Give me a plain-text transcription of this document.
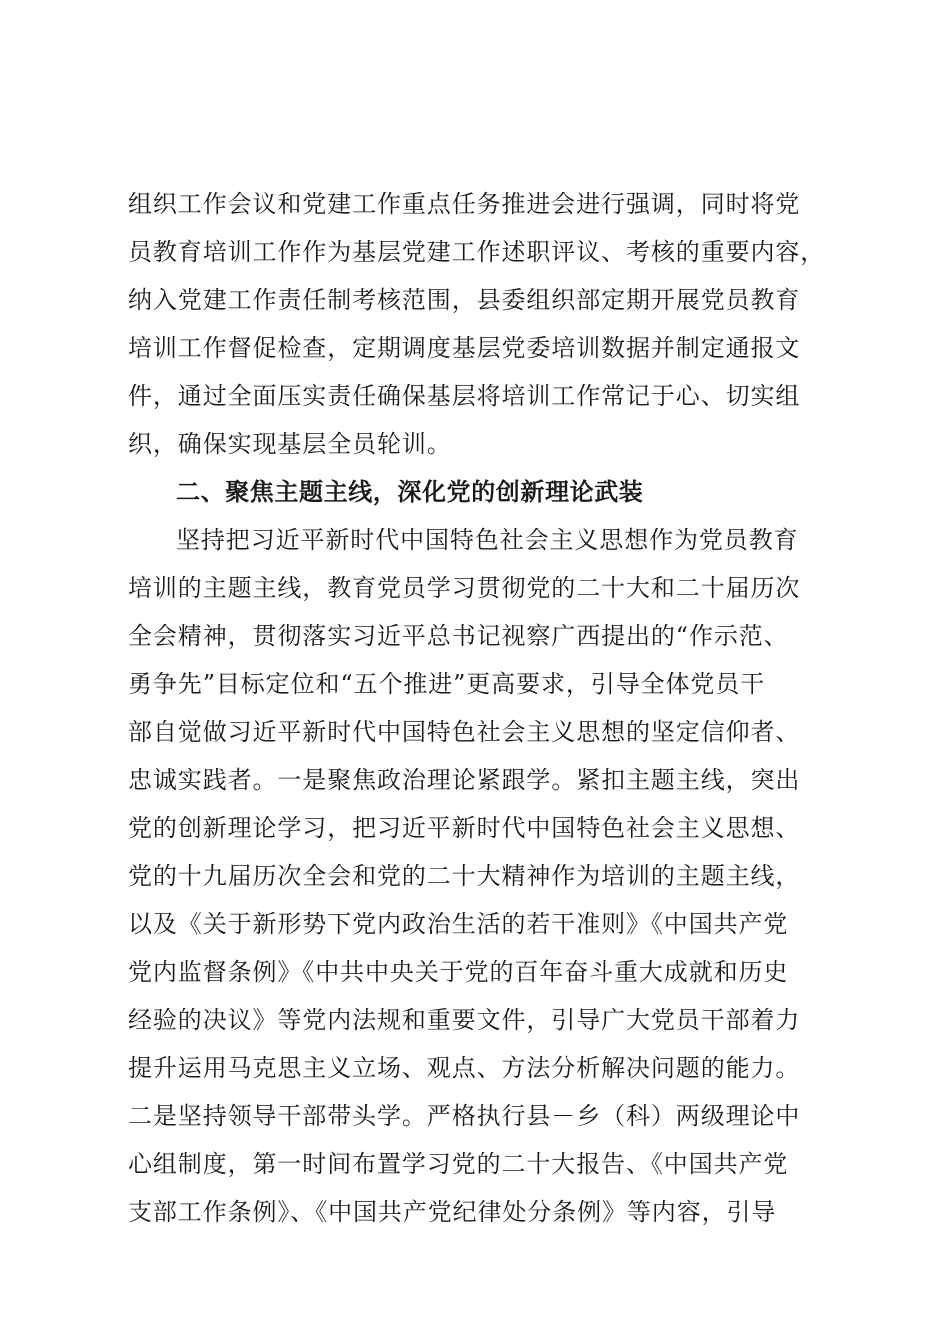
组织工作会议和党建工作重点任务推进会进行强调，同时将党
员教育培训工作作为基层党建工作述职评议、考核的重要内容，
纳入党建工作责任制考核范围，县委组织部定期开展党员教育
培训工作督促检查，定期调度基层党委培训数据并制定通报文
件，通过全面压实责任确保基层将培训工作常记于心、切实组
织，确保实现基层全员轮训。
二、聚焦主题主线，深化党的创新理论武装
坚持把习近平新时代中国特色社会主义思想作为党员教育
培训的主题主线，教育党员学习贯彻党的二十大和二十届历次
全会精神，贯彻落实习近平总书记视察广西提出的“作示范、
勇争先”目标定位和“五个推进”更高要求，引导全体党员干
部自觉做习近平新时代中国特色社会主义思想的坚定信仰者、
忠诚实践者。一是聚焦政治理论紧跟学。紧扣主题主线，突出
党的创新理论学习，把习近平新时代中国特色社会主义思想、
党的十九届历次全会和党的二十大精神作为培训的主题主线，
以及《关于新形势下党内政治生活的若干准则》《中国共产党
党内监督条例》《中共中央关于党的百年奋斗重大成就和历史
经验的决议》等党内法规和重要文件，引导广大党员干部着力
提升运用马克思主义立场、观点、方法分析解决问题的能力。
二是坚持领导干部带头学。严格执行县－乡（科）两级理论中
心组制度，第一时间布置学习党的二十大报告、《中国共产党
支部工作条例》、《中国共产党纪律处分条例》等内容，引导
